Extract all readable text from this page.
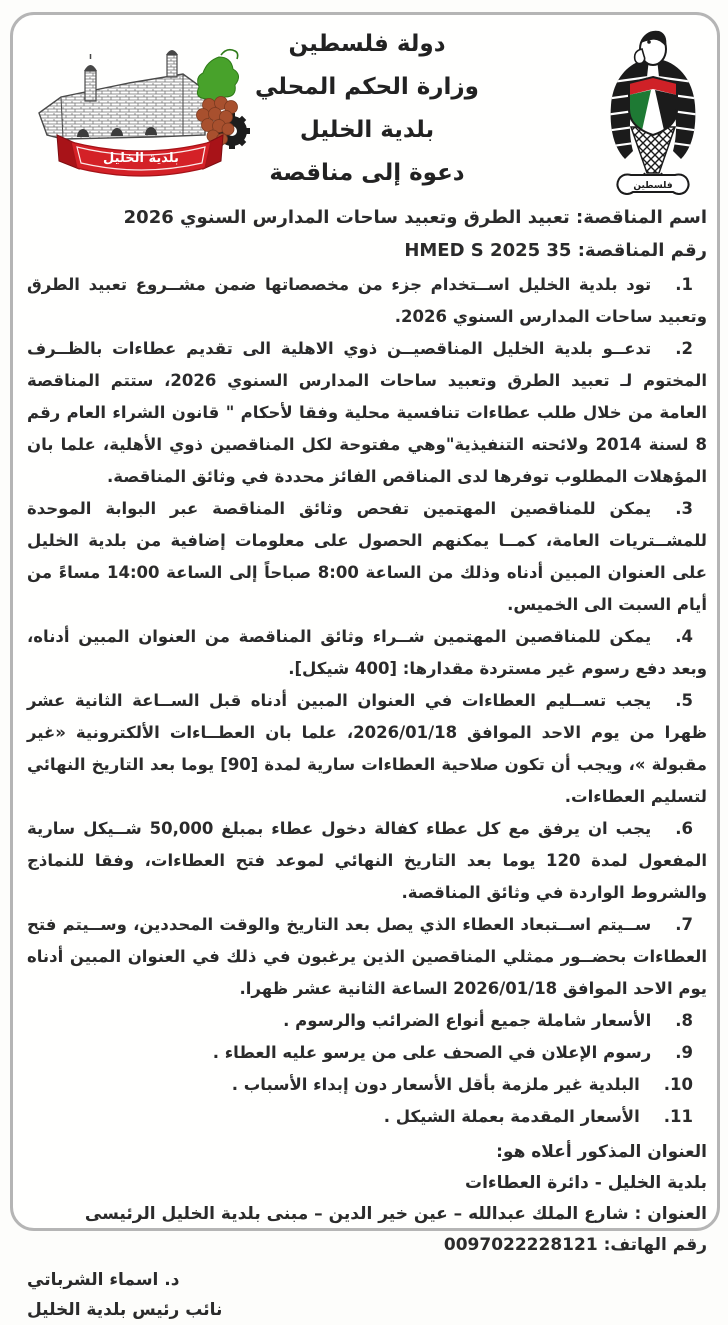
بلدية الخليل
فلسطين
دولة فلسطين
وزارة الحكم المحلي
بلدية الخليل
دعوة إلى مناقصة
اسم المناقصة: تعبيد الطرق وتعبيد ساحات المدارس السنوي 2026
رقم المناقصة: HMED S 2025 35
1.تود بلدية الخليل اســتخدام جزء من مخصصاتها ضمن مشــروع تعبيد الطرق وتعبيد ساحات المدارس السنوي 2026.
2.تدعــو بلدية الخليل المناقصيــن ذوي الاهلية الى تقديم عطاءات بالظــرف المختوم لـ تعبيد الطرق وتعبيد ساحات المدارس السنوي 2026، ستتم المناقصة العامة من خلال طلب عطاءات تنافسية محلية وفقا لأحكام " قانون الشراء العام رقم 8 لسنة 2014 ولائحته التنفيذية"وهي مفتوحة لكل المناقصين ذوي الأهلية، علما بان المؤهلات المطلوب توفرها لدى المناقص الفائز محددة في وثائق المناقصة.
3.يمكن للمناقصين المهتمين تفحص وثائق المناقصة عبر البوابة الموحدة للمشــتريات العامة، كمــا يمكنهم الحصول على معلومات إضافية من بلدية الخليل على العنوان المبين أدناه وذلك من الساعة 8:00 صباحاً إلى الساعة 14:00 مساءً من أيام السبت الى الخميس.
4.يمكن للمناقصين المهتمين شــراء وثائق المناقصة من العنوان المبين أدناه، وبعد دفع رسوم غير مستردة مقدارها: [400 شيكل].
5.يجب تســليم العطاءات في العنوان المبين أدناه قبل الســاعة الثانية عشر ظهرا من يوم الاحد الموافق 2026/01/18، علما بان العطــاءات الألكترونية «غير مقبولة »، ويجب أن تكون صلاحية العطاءات سارية لمدة [90] يوما بعد التاريخ النهائي لتسليم العطاءات.
6.يجب ان يرفق مع كل عطاء كفالة دخول عطاء بمبلغ 50,000 شــيكل سارية المفعول لمدة 120 يوما بعد التاريخ النهائي لموعد فتح العطاءات، وفقا للنماذج والشروط الواردة في وثائق المناقصة.
7.ســيتم اســتبعاد العطاء الذي يصل بعد التاريخ والوقت المحددين، وســيتم فتح العطاءات بحضــور ممثلي المناقصين الذين يرغبون في ذلك في العنوان المبين أدناه يوم الاحد الموافق 2026/01/18 الساعة الثانية عشر ظهرا.
8.الأسعار شاملة جميع أنواع الضرائب والرسوم .
9.رسوم الإعلان في الصحف على من يرسو عليه العطاء .
10.البلدية غير ملزمة بأقل الأسعار دون إبداء الأسباب .
11.الأسعار المقدمة بعملة الشيكل .
العنوان المذكور أعلاه هو:
بلدية الخليل - دائرة العطاءات
العنوان : شارع الملك عبدالله – عين خير الدين – مبنى بلدية الخليل الرئيسى
رقم الهاتف: 0097022228121
د. اسماء الشرباتي
نائب رئيس بلدية الخليل
